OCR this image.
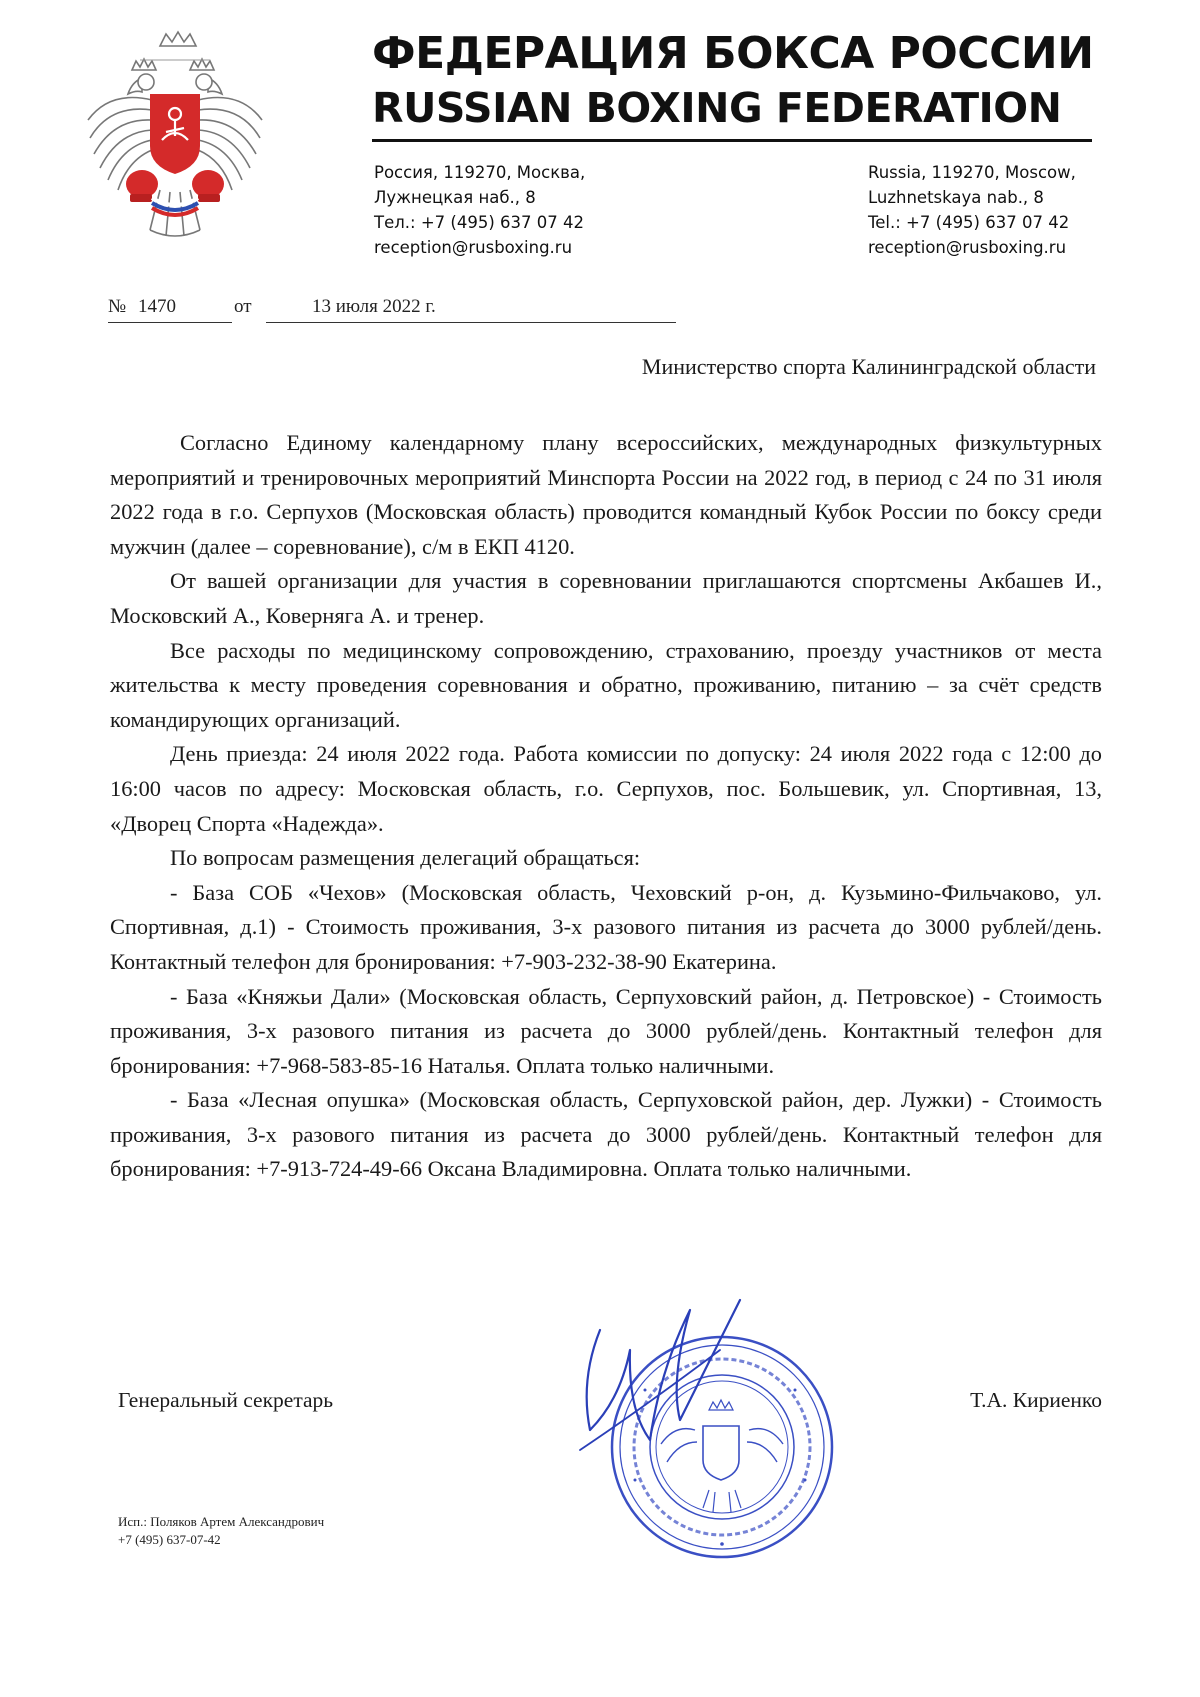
ФЕДЕРАЦИЯ БОКСА РОССИИ
RUSSIAN BOXING FEDERATION
Россия, 119270, Москва,
Лужнецкая наб., 8
Тел.: +7 (495) 637 07 42
reception@rusboxing.ru
Russia, 119270, Moscow,
Luzhnetskaya nab., 8
Tel.: +7 (495) 637 07 42
reception@rusboxing.ru
№ 1470	от	13 июля 2022 г.
Министерство спорта Калининградской области

Согласно Единому календарному плану всероссийских, международных физкультурных мероприятий и тренировочных мероприятий Минспорта России на 2022 год, в период с 24 по 31 июля 2022 года в г.о. Серпухов (Московская область) проводится командный Кубок России по боксу среди мужчин (далее – соревнование), с/м в ЕКП 4120.

От вашей организации для участия в соревновании приглашаются спортсмены Акбашев И., Московский А., Коверняга А. и тренер.

Все расходы по медицинскому сопровождению, страхованию, проезду участников от места жительства к месту проведения соревнования и обратно, проживанию, питанию – за счёт средств командирующих организаций.

День приезда: 24 июля 2022 года. Работа комиссии по допуску: 24 июля 2022 года с 12:00 до 16:00 часов по адресу: Московская область, г.о. Серпухов, пос. Большевик, ул. Спортивная, 13, «Дворец Спорта «Надежда».

По вопросам размещения делегаций обращаться:

- База СОБ «Чехов» (Московская область, Чеховский р-он, д. Кузьмино-Фильчаково, ул. Спортивная, д.1) - Стоимость проживания, 3-х разового питания из расчета до 3000 рублей/день. Контактный телефон для бронирования: +7-903-232-38-90 Екатерина.

- База «Княжьи Дали» (Московская область, Серпуховский район, д. Петровское) - Стоимость проживания, 3-х разового питания из расчета до 3000 рублей/день. Контактный телефон для бронирования: +7-968-583-85-16 Наталья. Оплата только наличными.

- База «Лесная опушка» (Московская область, Серпуховской район, дер. Лужки) - Стоимость проживания, 3-х разового питания из расчета до 3000 рублей/день. Контактный телефон для бронирования: +7-913-724-49-66 Оксана Владимировна. Оплата только наличными.

Генеральный секретарь	Т.А. Кириенко
Исп.: Поляков Артем Александрович
+7 (495) 637-07-42
